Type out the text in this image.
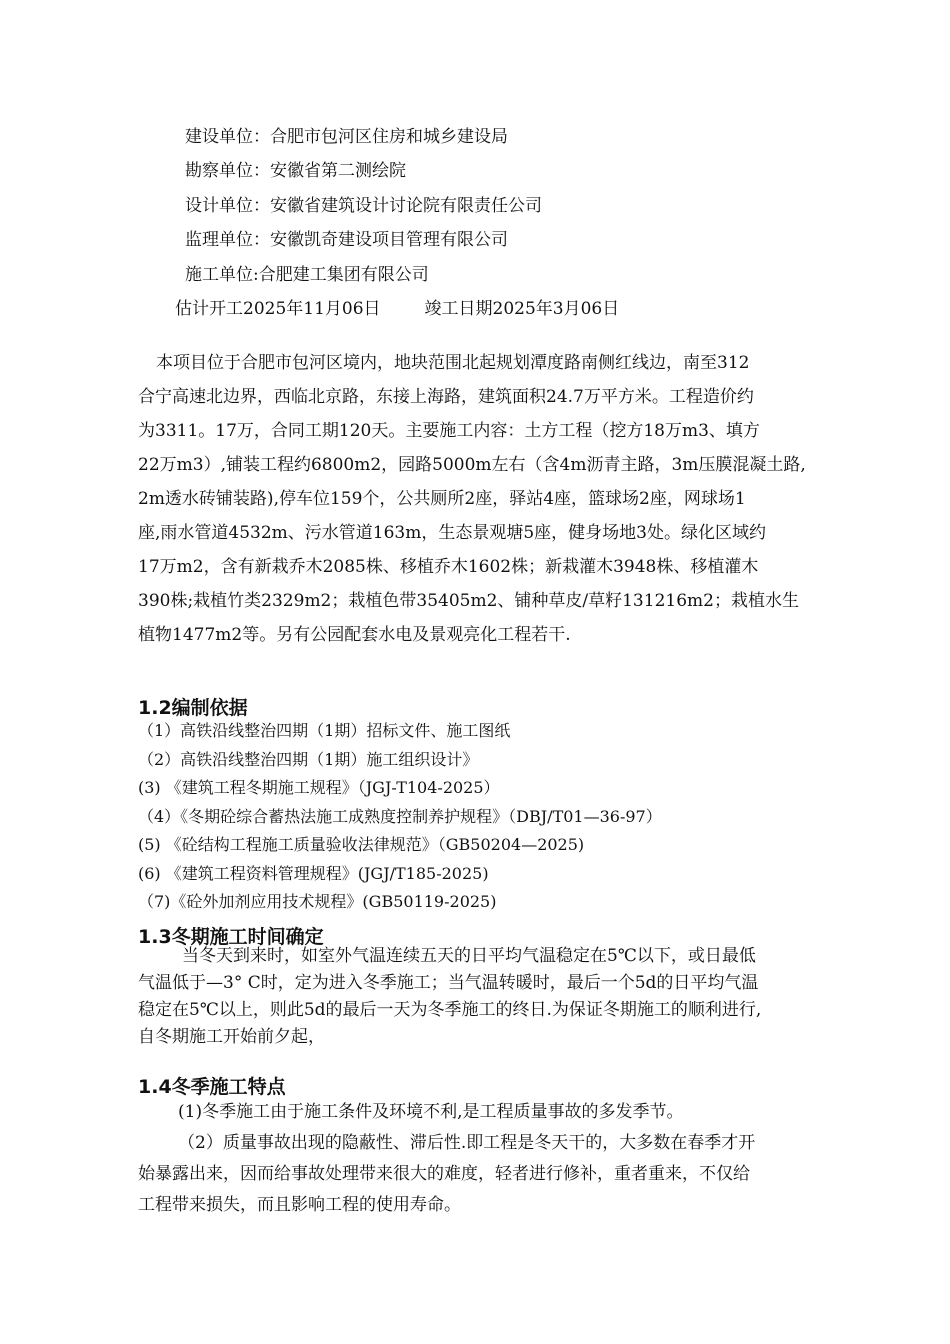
建设单位：合肥市包河区住房和城乡建设局
勘察单位：安徽省第二测绘院
设计单位：安徽省建筑设计讨论院有限责任公司
监理单位：安徽凯奇建设项目管理有限公司
施工单位:合肥建工集团有限公司
估计开工2025年11月06日	竣工日期2025年3月06日

本项目位于合肥市包河区境内，地块范围北起规划潭度路南侧红线边，南至312

合宁高速北边界，西临北京路，东接上海路，建筑面积24.7万平方米。工程造价约

为3311。17万，合同工期120天。主要施工内容：土方工程（挖方18万m3、填方

22万m3）,铺装工程约6800m2，园路5000m左右（含4m沥青主路，3m压膜混凝土路,

2m透水砖铺装路),停车位159个，公共厕所2座，驿站4座，篮球场2座，网球场1

座,雨水管道4532m、污水管道163m，生态景观塘5座，健身场地3处。绿化区域约

17万m2，含有新栽乔木2085株、移植乔木1602株；新栽灌木3948株、移植灌木

390株;栽植竹类2329m2；栽植色带35405m2、铺种草皮/草籽131216m2；栽植水生

植物1477m2等。另有公园配套水电及景观亮化工程若干.

1.2编制依据

（1）高铁沿线整治四期（1期）招标文件、施工图纸

（2）高铁沿线整治四期（1期）施工组织设计》

(3) 《建筑工程冬期施工规程》（JGJ-T104-2025）

（4）《冬期砼综合蓄热法施工成熟度控制养护规程》（DBJ/T01—36-97）

(5) 《砼结构工程施工质量验收法律规范》（GB50204—2025)

(6) 《建筑工程资料管理规程》(JGJ/T185-2025)

（7)《砼外加剂应用技术规程》(GB50119-2025)

1.3冬期施工时间确定

当冬天到来时，如室外气温连续五天的日平均气温稳定在5℃以下，或日最低

气温低于—3° C时，定为进入冬季施工；当气温转暖时，最后一个5d的日平均气温

稳定在5℃以上，则此5d的最后一天为冬季施工的终日.为保证冬期施工的顺利进行,

自冬期施工开始前夕起，

1.4冬季施工特点

(1)冬季施工由于施工条件及环境不利,是工程质量事故的多发季节。

（2）质量事故出现的隐蔽性、滞后性.即工程是冬天干的，大多数在春季才开

始暴露出来，因而给事故处理带来很大的难度，轻者进行修补，重者重来，不仅给

工程带来损失，而且影响工程的使用寿命。
